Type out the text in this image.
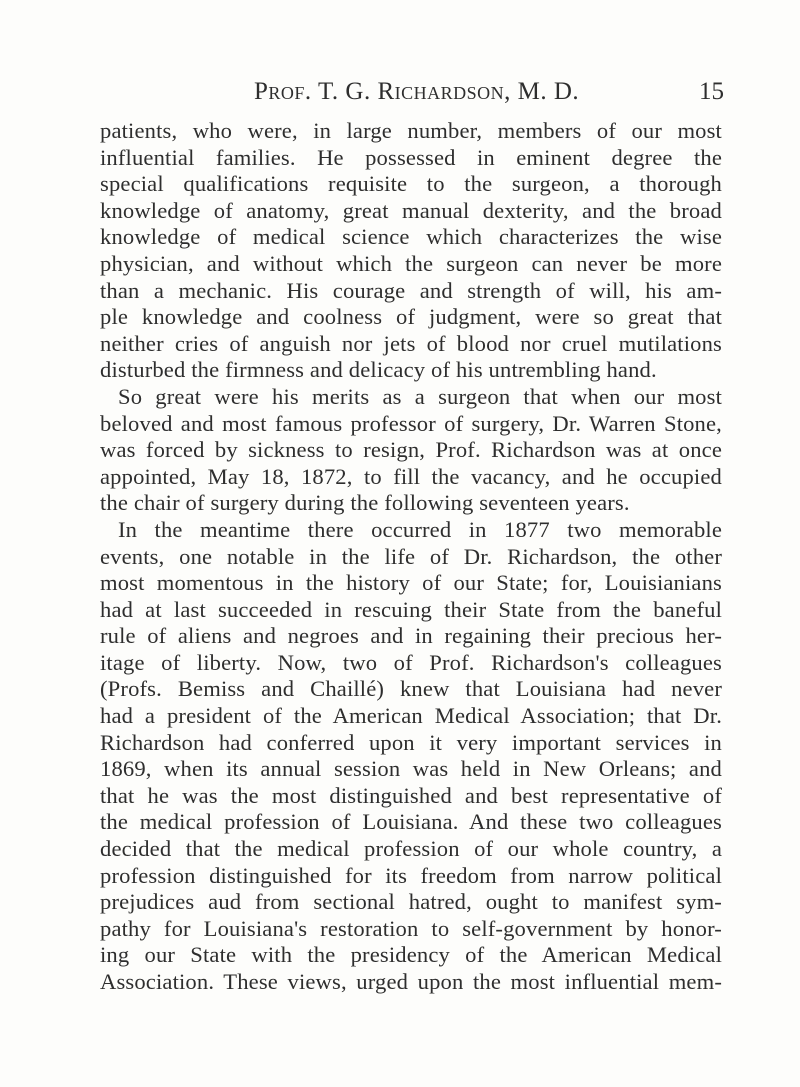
Prof. T. G. Richardson, M. D.	15
patients, who were, in large number, members of our most
influential families. He possessed in eminent degree the
special qualifications requisite to the surgeon, a thorough
knowledge of anatomy, great manual dexterity, and the broad
knowledge of medical science which characterizes the wise
physician, and without which the surgeon can never be more
than a mechanic. His courage and strength of will, his am-
ple knowledge and coolness of judgment, were so great that
neither cries of anguish nor jets of blood nor cruel mutilations
disturbed the firmness and delicacy of his untrembling hand.
So great were his merits as a surgeon that when our most
beloved and most famous professor of surgery, Dr. Warren Stone,
was forced by sickness to resign, Prof. Richardson was at once
appointed, May 18, 1872, to fill the vacancy, and he occupied
the chair of surgery during the following seventeen years.
In the meantime there occurred in 1877 two memorable
events, one notable in the life of Dr. Richardson, the other
most momentous in the history of our State; for, Louisianians
had at last succeeded in rescuing their State from the baneful
rule of aliens and negroes and in regaining their precious her-
itage of liberty. Now, two of Prof. Richardson's colleagues
(Profs. Bemiss and Chaillé) knew that Louisiana had never
had a president of the American Medical Association; that Dr.
Richardson had conferred upon it very important services in
1869, when its annual session was held in New Orleans; and
that he was the most distinguished and best representative of
the medical profession of Louisiana. And these two colleagues
decided that the medical profession of our whole country, a
profession distinguished for its freedom from narrow political
prejudices aud from sectional hatred, ought to manifest sym-
pathy for Louisiana's restoration to self-government by honor-
ing our State with the presidency of the American Medical
Association. These views, urged upon the most influential mem-
